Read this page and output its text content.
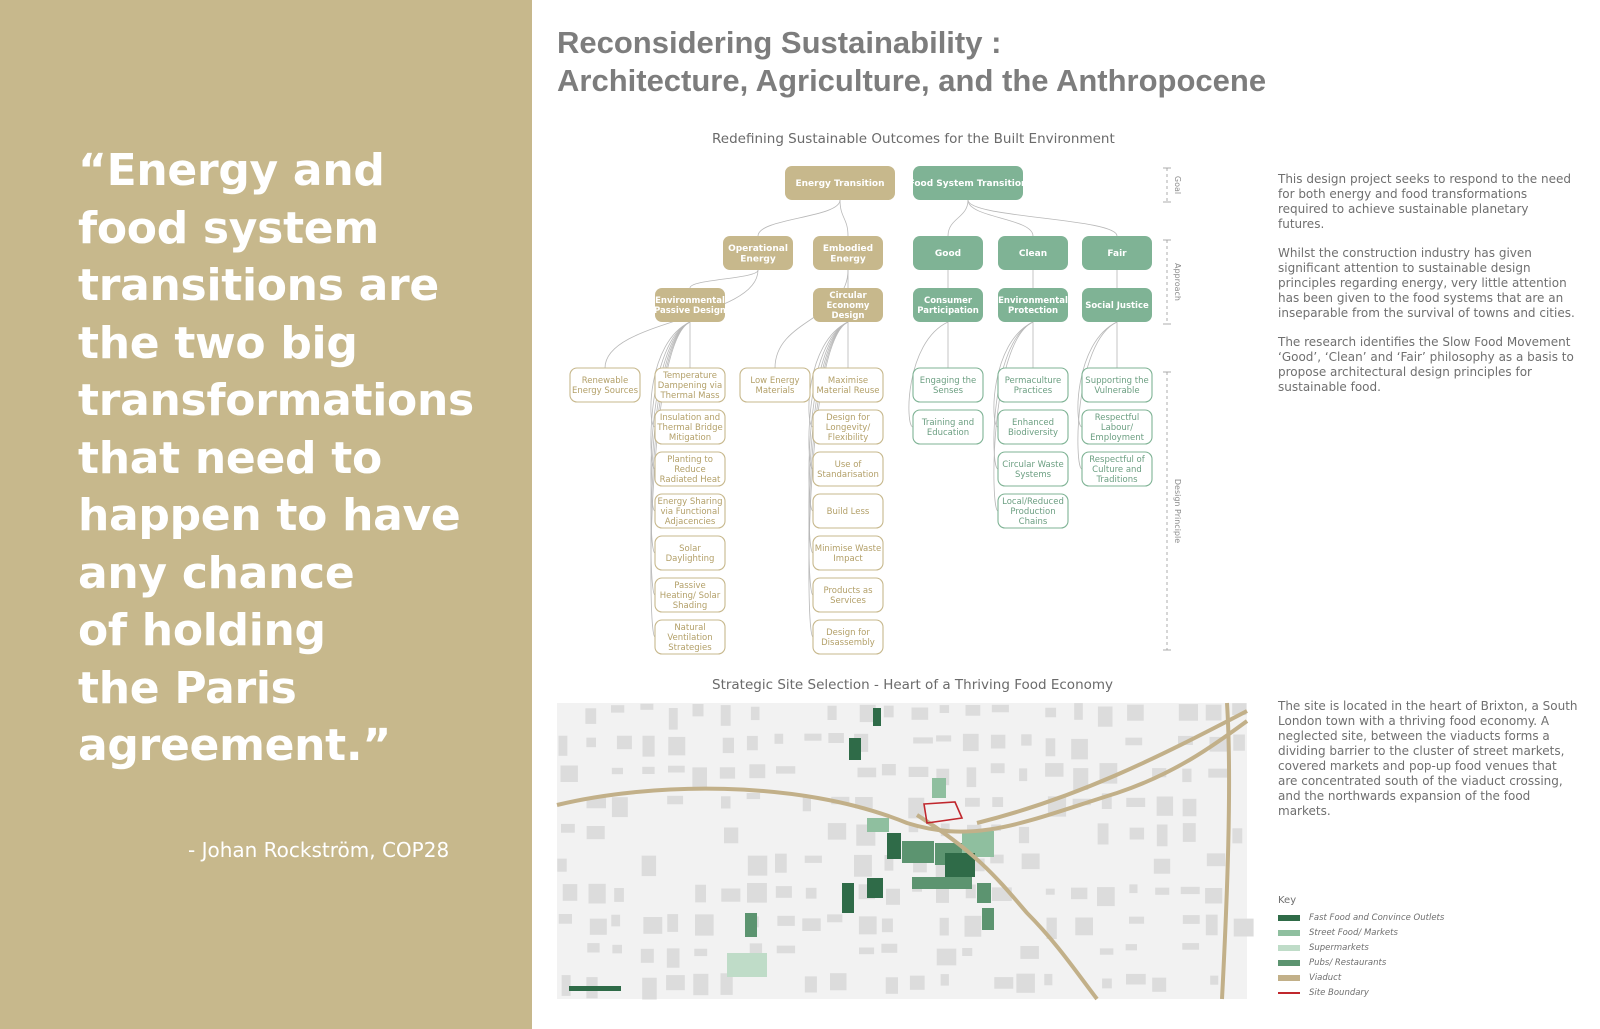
“Energy and
food system
transitions are
the two big
transformations
that need to
happen to have
any chance
of holding
the Paris
agreement.”

- Johan Rockström, COP28

Reconsidering Sustainability :
Architecture, Agriculture, and the Anthropocene

Redefining Sustainable Outcomes for the Built Environment

Renewable
Energy Sources
Temperature
Dampening via
Thermal Mass
Insulation and
Thermal Bridge
Mitigation
Planting to
Reduce
Radiated Heat
Energy Sharing
via Functional
Adjacencies
Solar
Daylighting
Passive
Heating/ Solar
Shading
Natural
Ventilation
Strategies
Low Energy
Materials
Maximise
Material Reuse
Design for
Longevity/
Flexibility
Use of
Standarisation
Build Less
Minimise Waste
Impact
Products as
Services
Design for
Disassembly
Engaging the
Senses
Training and
Education
Permaculture
Practices
Enhanced
Biodiversity
Circular Waste
Systems
Local/Reduced
Production
Chains
Supporting the
Vulnerable
Respectful
Labour/
Employment
Respectful of
Culture and
Traditions
Energy Transition	Food System Transition
Operational
Energy
Embodied
Energy
Good	Clean	Fair
Environmental
Passive Design
Circular
Economy
Design
Consumer
Participation
Environmental
Protection	Social Justice
Goal
Approach
Design Principle

This design project seeks to respond to the need for both energy and food transformations required to achieve sustainable planetary futures.

Whilst the construction industry has given significant attention to sustainable design principles regarding energy, very little attention has been given to the food systems that are an inseparable from the survival of towns and cities.

The research identifies the Slow Food Movement ‘Good’, ‘Clean’ and ‘Fair’ philosophy as a basis to propose architectural design principles for sustainable food.

Strategic Site Selection - Heart of a Thriving Food Economy

The site is located in the heart of Brixton, a South London town with a thriving food economy. A neglected site, between the viaducts forms a dividing barrier to the cluster of street markets, covered markets and pop-up food venues that are concentrated south of the viaduct crossing, and the northwards expansion of the food markets.

Key

Fast Food and Convince Outlets
Street Food/ Markets
Supermarkets
Pubs/ Restaurants
Viaduct
Site Boundary
